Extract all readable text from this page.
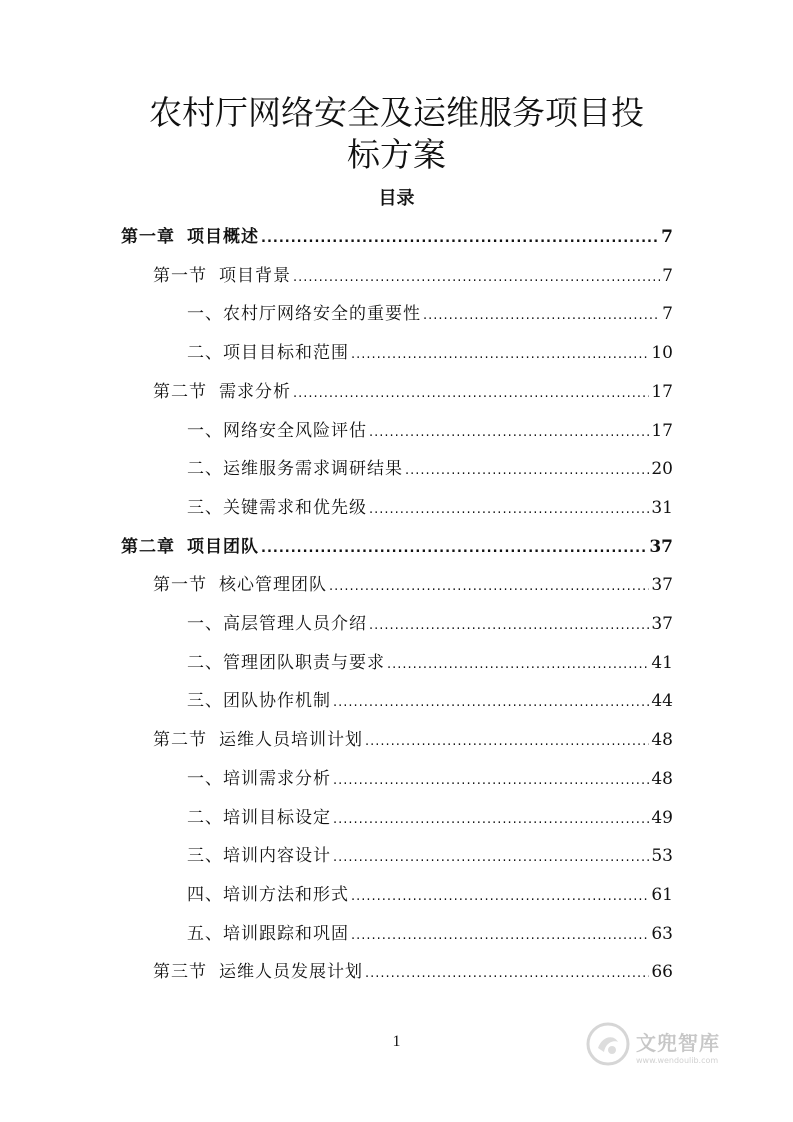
农村厅网络安全及运维服务项目投
标方案
目录
第一章 项目概述 .....	7
第一节 项目背景 .....	7
一、农村厅网络安全的重要性 .....	7
二、项目目标和范围 .....	10
第二节 需求分析 .....	17
一、网络安全风险评估 .....	17
二、运维服务需求调研结果 .....	20
三、关键需求和优先级 .....	31
第二章 项目团队 .....	37
第一节 核心管理团队 .....	37
一、高层管理人员介绍 .....	37
二、管理团队职责与要求 .....	41
三、团队协作机制 .....	44
第二节 运维人员培训计划 .....	48
一、培训需求分析 .....	48
二、培训目标设定 .....	49
三、培训内容设计 .....	53
四、培训方法和形式 .....	61
五、培训跟踪和巩固 .....	63
第三节 运维人员发展计划 .....	66
1	文兜智库
www.wendoulib.com
